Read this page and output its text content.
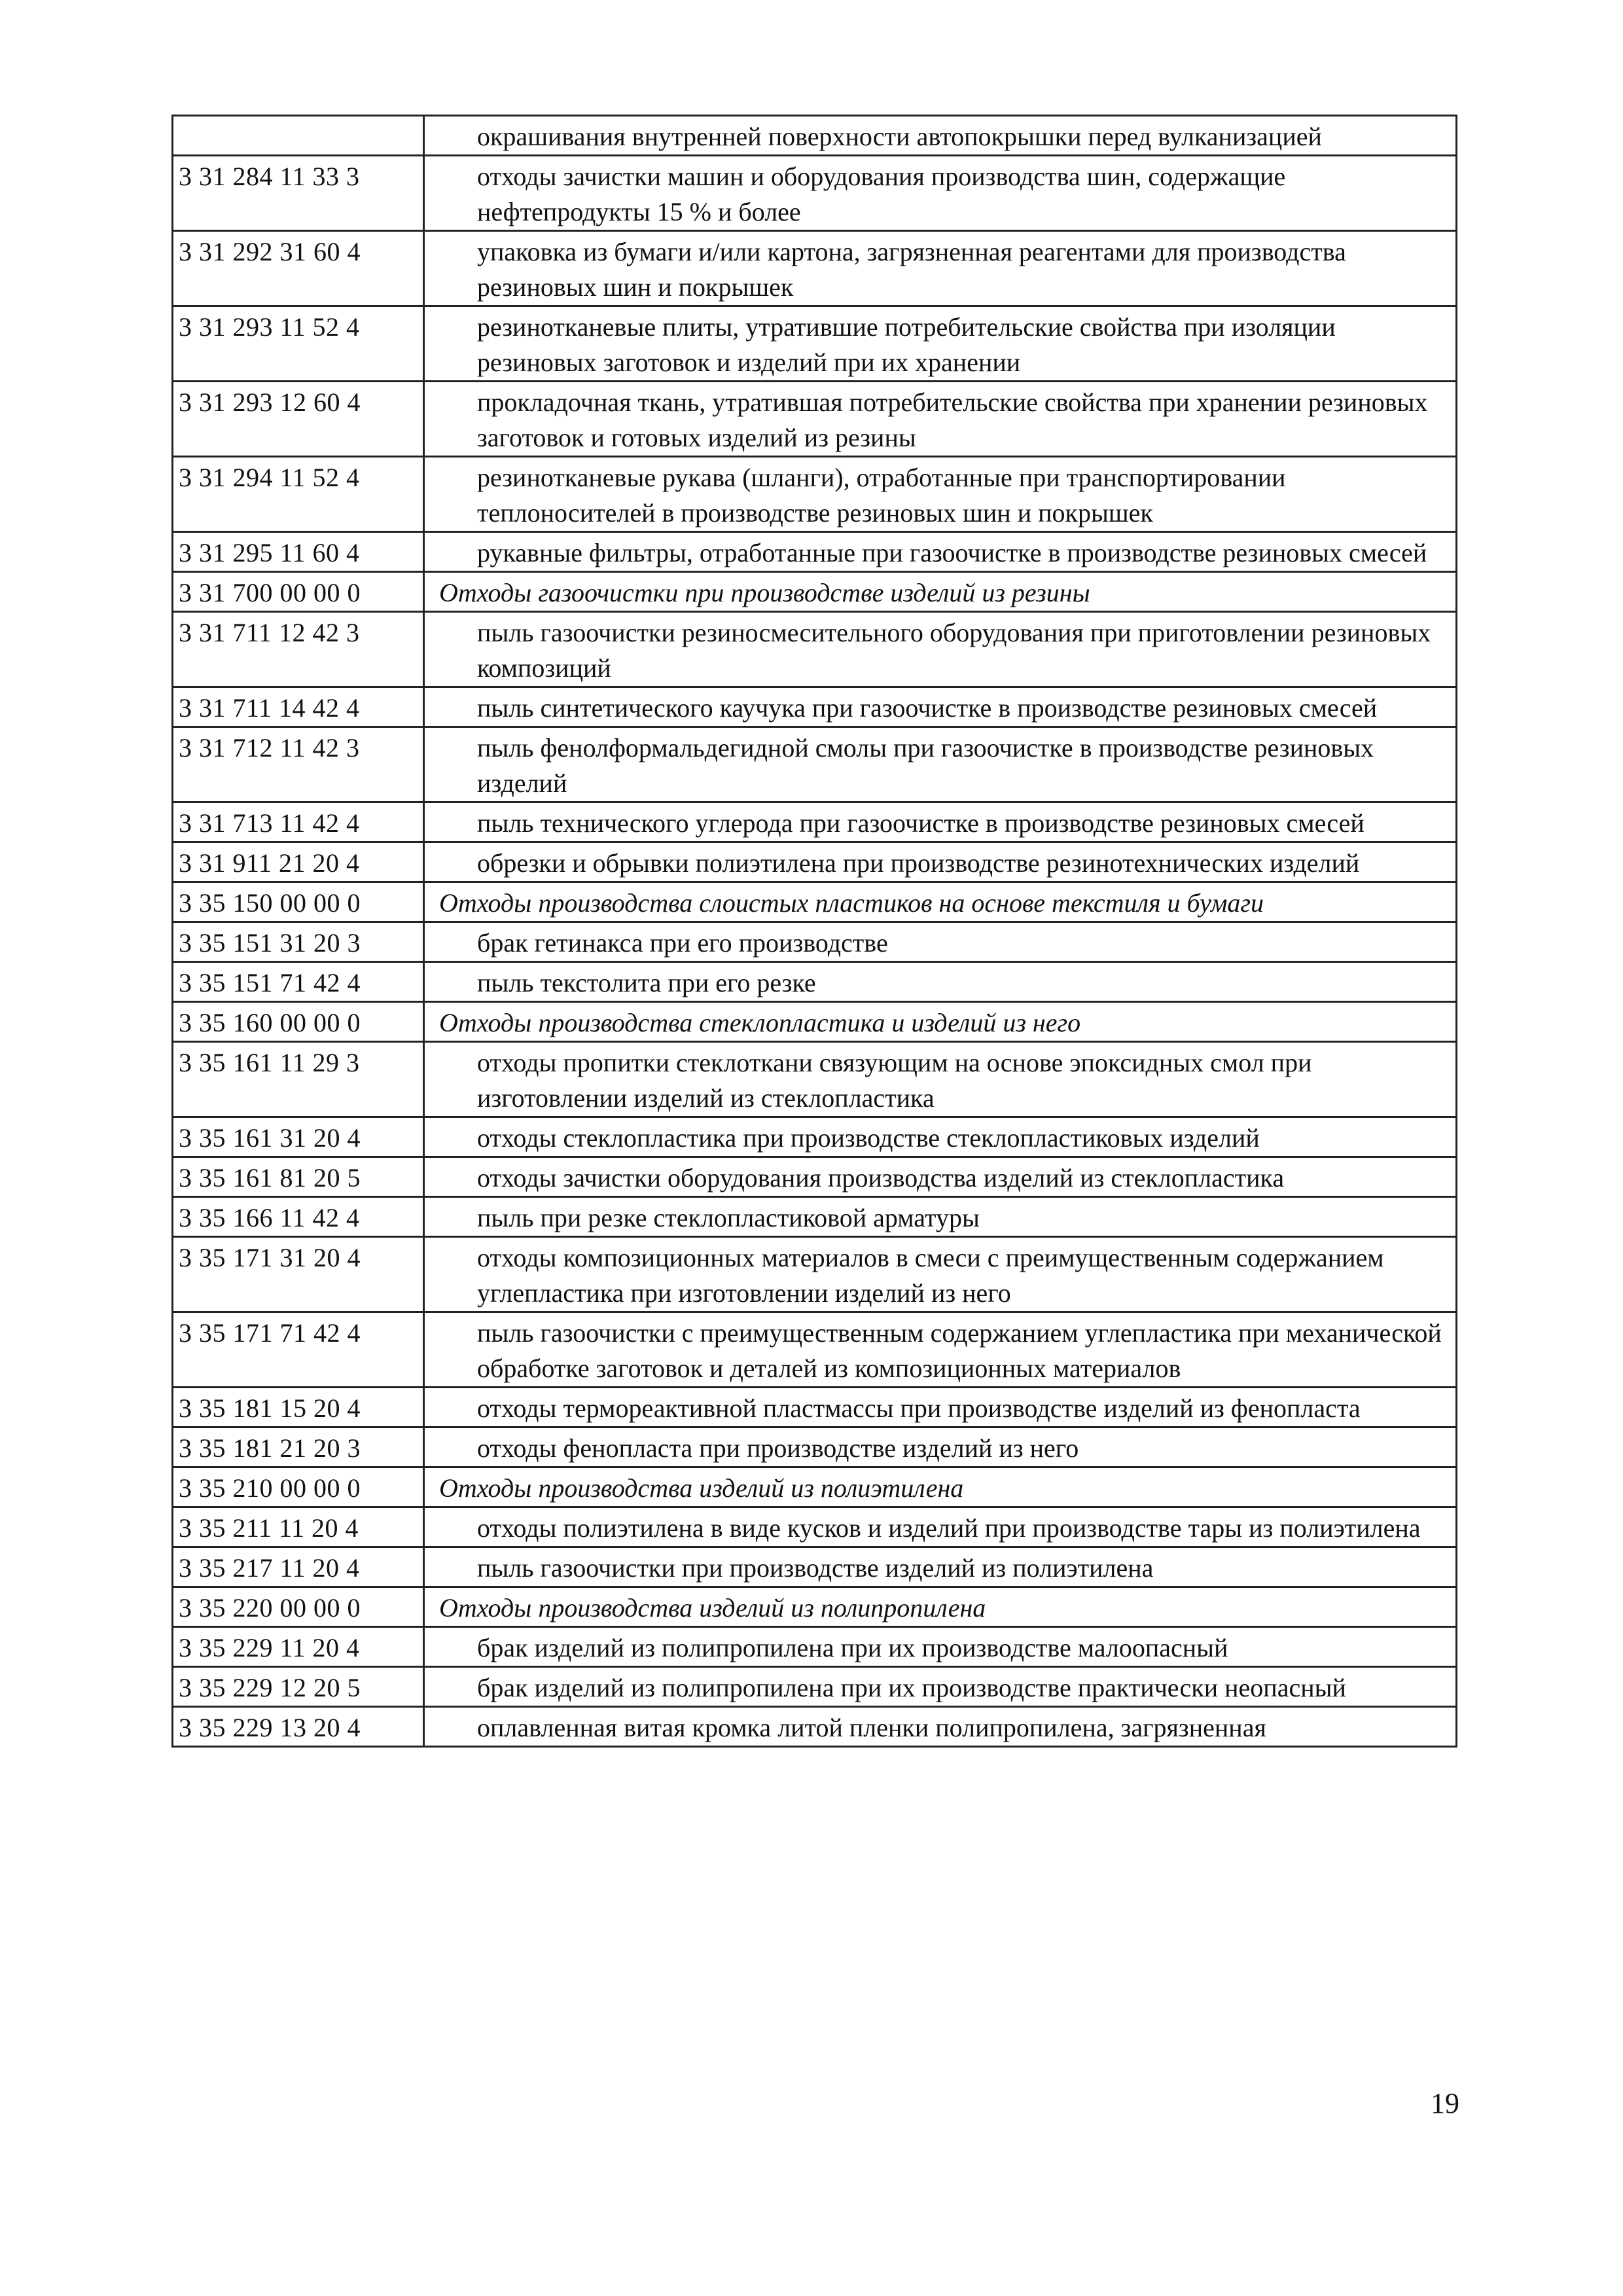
	окрашивания внутренней поверхности автопокрышки перед вулканизацией
3 31 284 11 33 3	отходы зачистки машин и оборудования производства шин, содержащие нефтепродукты 15 % и более
3 31 292 31 60 4	упаковка из бумаги и/или картона, загрязненная реагентами для производства резиновых шин и покрышек
3 31 293 11 52 4	резинотканевые плиты, утратившие потребительские свойства при изоляции резиновых заготовок и изделий при их хранении
3 31 293 12 60 4	прокладочная ткань, утратившая потребительские свойства при хранении резиновых заготовок и готовых изделий из резины
3 31 294 11 52 4	резинотканевые рукава (шланги), отработанные при транспортировании теплоносителей в производстве резиновых шин и покрышек
3 31 295 11 60 4	рукавные фильтры, отработанные при газоочистке в производстве резиновых смесей
3 31 700 00 00 0	Отходы газоочистки при производстве изделий из резины
3 31 711 12 42 3	пыль газоочистки резиносмесительного оборудования при приготовлении резиновых композиций
3 31 711 14 42 4	пыль синтетического каучука при газоочистке в производстве резиновых смесей
3 31 712 11 42 3	пыль фенолформальдегидной смолы при газоочистке в производстве резиновых изделий
3 31 713 11 42 4	пыль технического углерода при газоочистке в производстве резиновых смесей
3 31 911 21 20 4	обрезки и обрывки полиэтилена при производстве резинотехнических изделий
3 35 150 00 00 0	Отходы производства слоистых пластиков на основе текстиля и бумаги
3 35 151 31 20 3	брак гетинакса при его производстве
3 35 151 71 42 4	пыль текстолита при его резке
3 35 160 00 00 0	Отходы производства стеклопластика и изделий из него
3 35 161 11 29 3	отходы пропитки стеклоткани связующим на основе эпоксидных смол при изготовлении изделий из стеклопластика
3 35 161 31 20 4	отходы стеклопластика при производстве стеклопластиковых изделий
3 35 161 81 20 5	отходы зачистки оборудования производства изделий из стеклопластика
3 35 166 11 42 4	пыль при резке стеклопластиковой арматуры
3 35 171 31 20 4	отходы композиционных материалов в смеси с преимущественным содержанием углепластика при изготовлении изделий из него
3 35 171 71 42 4	пыль газоочистки с преимущественным содержанием углепластика при механической обработке заготовок и деталей из композиционных материалов
3 35 181 15 20 4	отходы термореактивной пластмассы при производстве изделий из фенопласта
3 35 181 21 20 3	отходы фенопласта при производстве изделий из него
3 35 210 00 00 0	Отходы производства изделий из полиэтилена
3 35 211 11 20 4	отходы полиэтилена в виде кусков и изделий при производстве тары из полиэтилена
3 35 217 11 20 4	пыль газоочистки при производстве изделий из полиэтилена
3 35 220 00 00 0	Отходы производства изделий из полипропилена
3 35 229 11 20 4	брак изделий из полипропилена при их производстве малоопасный
3 35 229 12 20 5	брак изделий из полипропилена при их производстве практически неопасный
3 35 229 13 20 4	оплавленная витая кромка литой пленки полипропилена, загрязненная
19
